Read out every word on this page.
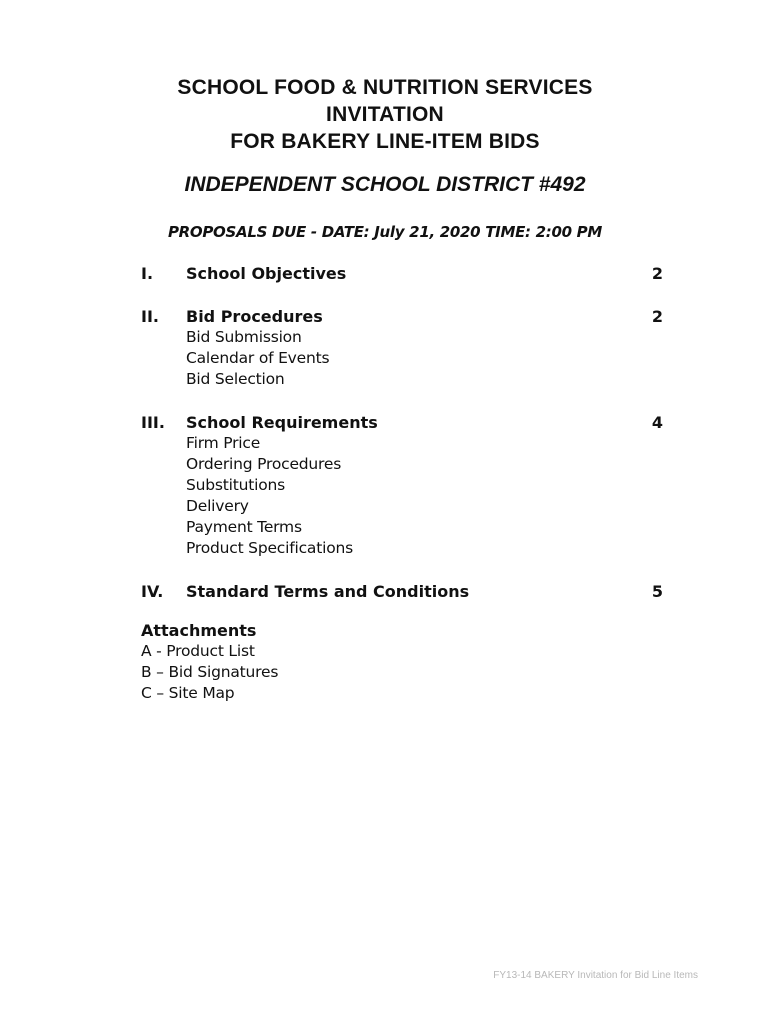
SCHOOL FOOD & NUTRITION SERVICES
INVITATION
FOR BAKERY LINE-ITEM BIDS
INDEPENDENT SCHOOL DISTRICT #492
PROPOSALS DUE - DATE: July 21, 2020 TIME: 2:00 PM
I. School Objectives	2
II. Bid Procedures	2
Bid Submission
Calendar of Events
Bid Selection
III. School Requirements	4
Firm Price
Ordering Procedures
Substitutions
Delivery
Payment Terms
Product Specifications
IV. Standard Terms and Conditions	5
Attachments
A - Product List
B – Bid Signatures
C – Site Map
FY13-14 BAKERY Invitation for Bid Line Items
